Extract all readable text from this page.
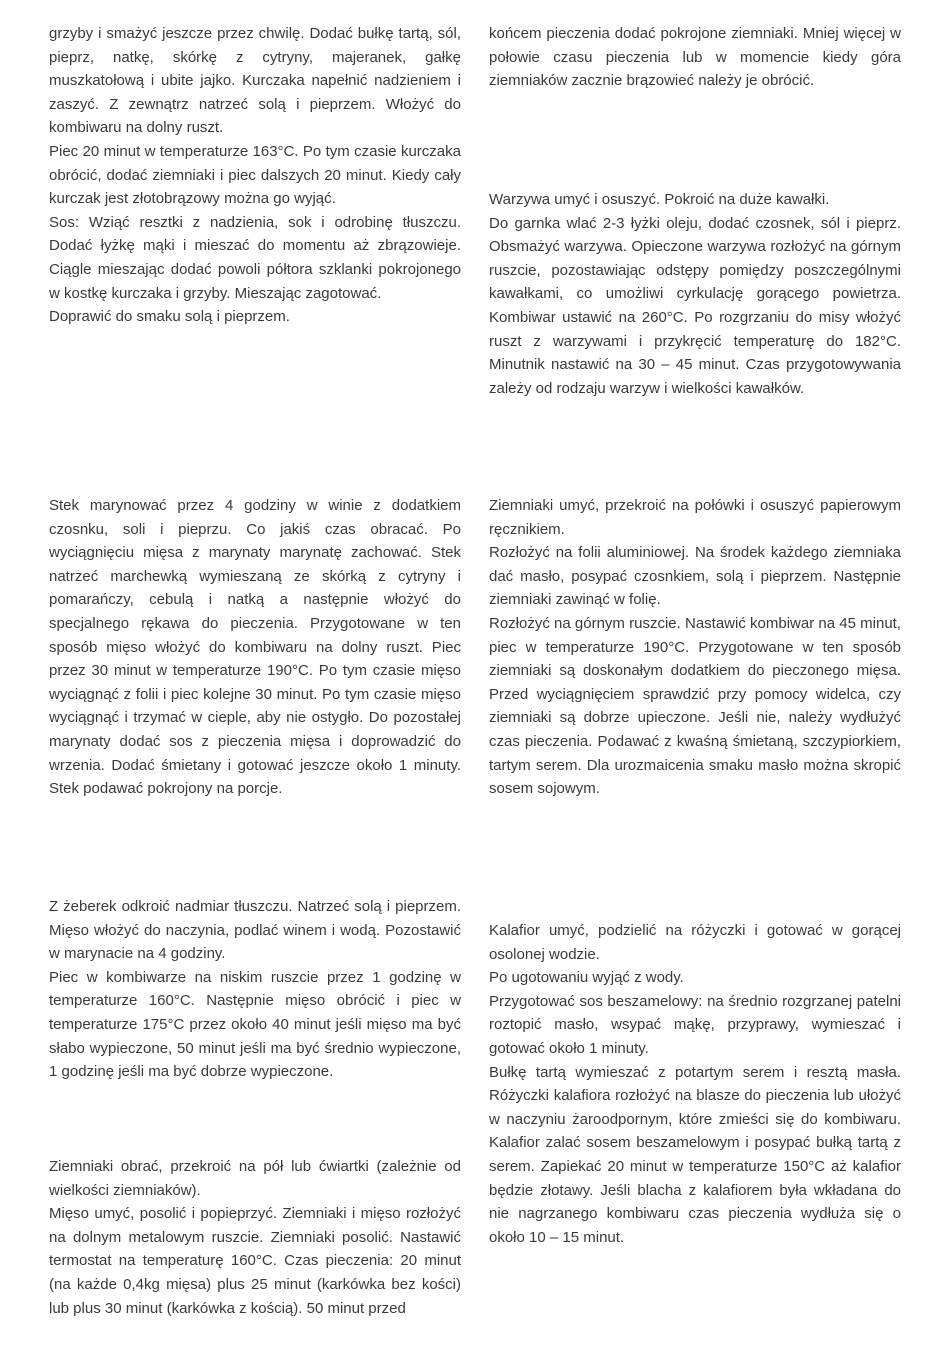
grzyby i smażyć jeszcze przez chwilę. Dodać bułkę tartą, sól, pieprz, natkę, skórkę z cytryny, majeranek, gałkę muszkatołową i ubite jajko. Kurczaka napełnić nadzieniem i zaszyć. Z zewnątrz natrzeć solą i pieprzem. Włożyć do kombiwaru na dolny ruszt.

Piec 20 minut w temperaturze 163°C. Po tym czasie kurczaka obrócić, dodać ziemniaki i piec dalszych 20 minut. Kiedy cały kurczak jest złotobrązowy można go wyjąć.

Sos: Wziąć resztki z nadzienia, sok i odrobinę tłuszczu. Dodać łyżkę mąki i mieszać do momentu aż zbrązowieje. Ciągle mieszając dodać powoli półtora szklanki pokrojonego w kostkę kurczaka i grzyby. Mieszając zagotować.

Doprawić do smaku solą i pieprzem.

Stek marynować przez 4 godziny w winie z dodatkiem czosnku, soli i pieprzu. Co jakiś czas obracać. Po wyciągnięciu mięsa z marynaty marynatę zachować. Stek natrzeć marchewką wymieszaną ze skórką z cytryny i pomarańczy, cebulą i natką a następnie włożyć do specjalnego rękawa do pieczenia. Przygotowane w ten sposób mięso włożyć do kombiwaru na dolny ruszt. Piec przez 30 minut w temperaturze 190°C. Po tym czasie mięso wyciągnąć z folii i piec kolejne 30 minut. Po tym czasie mięso wyciągnąć i trzymać w cieple, aby nie ostygło. Do pozostałej marynaty dodać sos z pieczenia mięsa i doprowadzić do wrzenia. Dodać śmietany i gotować jeszcze około 1 minuty. Stek podawać pokrojony na porcje.

Z żeberek odkroić nadmiar tłuszczu. Natrzeć solą i pieprzem. Mięso włożyć do naczynia, podlać winem i wodą. Pozostawić w marynacie na 4 godziny.

Piec w kombiwarze na niskim ruszcie przez 1 godzinę w temperaturze 160°C. Następnie mięso obrócić i piec w temperaturze 175°C przez około 40 minut jeśli mięso ma być słabo wypieczone, 50 minut jeśli ma być średnio wypieczone, 1 godzinę jeśli ma być dobrze wypieczone.

Ziemniaki obrać, przekroić na pół lub ćwiartki (zależnie od wielkości ziemniaków).

Mięso umyć, posolić i popieprzyć. Ziemniaki i mięso rozłożyć na dolnym metalowym ruszcie. Ziemniaki posolić. Nastawić termostat na temperaturę 160°C. Czas pieczenia: 20 minut (na każde 0,4kg mięsa) plus 25 minut (karkówka bez kości) lub plus 30 minut (karkówka z kością). 50 minut przed

końcem pieczenia dodać pokrojone ziemniaki. Mniej więcej w połowie czasu pieczenia lub w momencie kiedy góra ziemniaków zacznie brązowieć należy je obrócić.

Warzywa umyć i osuszyć. Pokroić na duże kawałki.

Do garnka wlać 2-3 łyżki oleju, dodać czosnek, sól i pieprz. Obsmażyć warzywa. Opieczone warzywa rozłożyć na górnym ruszcie, pozostawiając odstępy pomiędzy poszczególnymi kawałkami, co umożliwi cyrkulację gorącego powietrza. Kombiwar ustawić na 260°C. Po rozgrzaniu do misy włożyć ruszt z warzywami i przykręcić temperaturę do 182°C. Minutnik nastawić na 30 – 45 minut. Czas przygotowywania zależy od rodzaju warzyw i wielkości kawałków.

Ziemniaki umyć, przekroić na połówki i osuszyć papierowym ręcznikiem.

Rozłożyć na folii aluminiowej. Na środek każdego ziemniaka dać masło, posypać czosnkiem, solą i pieprzem. Następnie ziemniaki zawinąć w folię.

Rozłożyć na górnym ruszcie. Nastawić kombiwar na 45 minut, piec w temperaturze 190°C. Przygotowane w ten sposób ziemniaki są doskonałym dodatkiem do pieczonego mięsa. Przed wyciągnięciem sprawdzić przy pomocy widelca, czy ziemniaki są dobrze upieczone. Jeśli nie, należy wydłużyć czas pieczenia. Podawać z kwaśną śmietaną, szczypiorkiem, tartym serem. Dla urozmaicenia smaku masło można skropić sosem sojowym.

Kalafior umyć, podzielić na różyczki i gotować w gorącej osolonej wodzie.

Po ugotowaniu wyjąć z wody.

Przygotować sos beszamelowy: na średnio rozgrzanej patelni roztopić masło, wsypać mąkę, przyprawy, wymieszać i gotować około 1 minuty.

Bułkę tartą wymieszać z potartym serem i resztą masła. Różyczki kalafiora rozłożyć na blasze do pieczenia lub ułożyć w naczyniu żaroodpornym, które zmieści się do kombiwaru. Kalafior zalać sosem beszamelowym i posypać bułką tartą z serem. Zapiekać 20 minut w temperaturze 150°C aż kalafior będzie złotawy. Jeśli blacha z kalafiorem była wkładana do nie nagrzanego kombiwaru czas pieczenia wydłuża się o około 10 – 15 minut.
